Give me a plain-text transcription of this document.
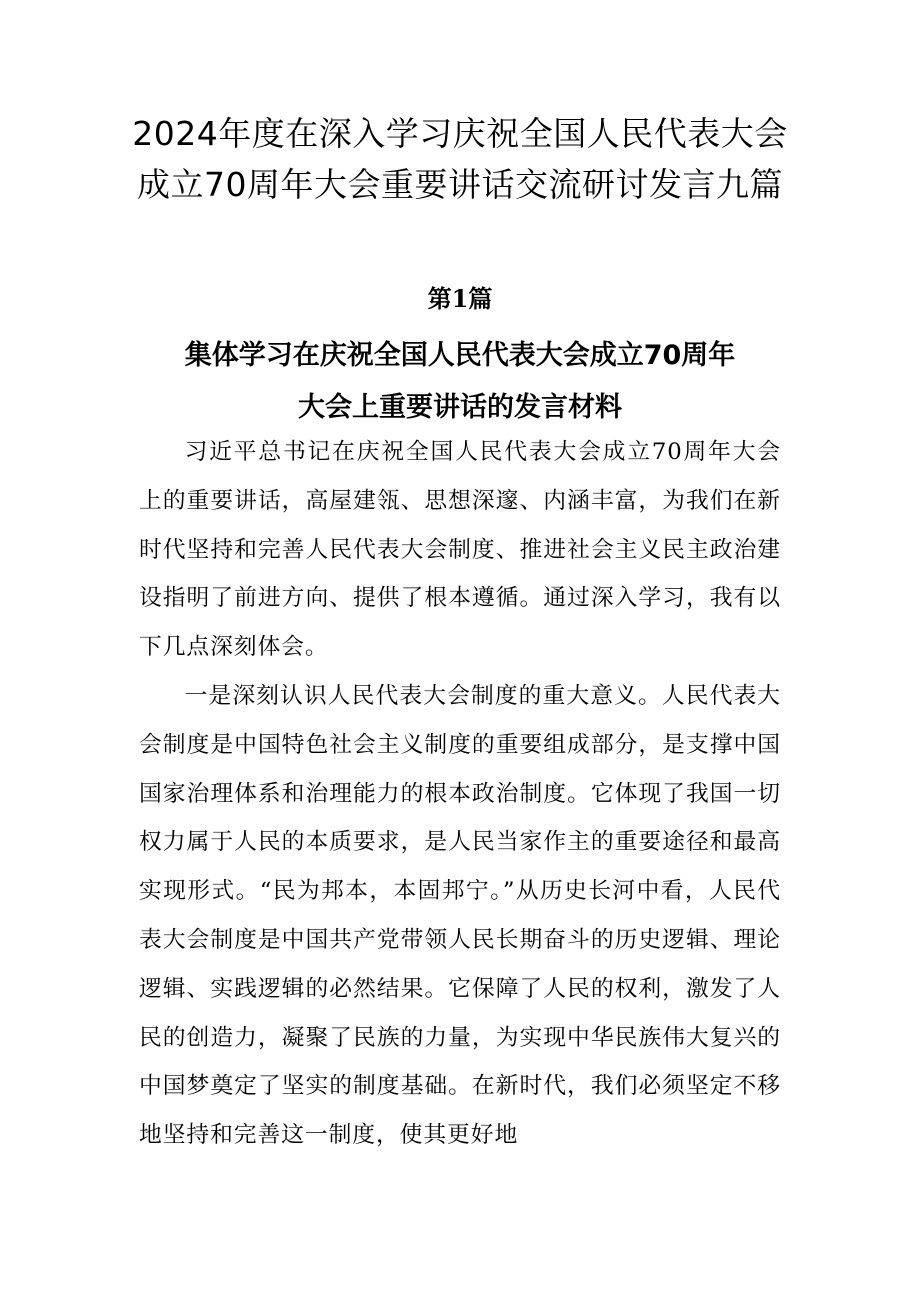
2024年度在深入学习庆祝全国人民代表大会成立70周年大会重要讲话交流研讨发言九篇
第1篇
集体学习在庆祝全国人民代表大会成立70周年
大会上重要讲话的发言材料

习近平总书记在庆祝全国人民代表大会成立70周年大会上的重要讲话，高屋建瓴、思想深邃、内涵丰富，为我们在新时代坚持和完善人民代表大会制度、推进社会主义民主政治建设指明了前进方向、提供了根本遵循。通过深入学习，我有以下几点深刻体会。

一是深刻认识人民代表大会制度的重大意义。人民代表大会制度是中国特色社会主义制度的重要组成部分，是支撑中国国家治理体系和治理能力的根本政治制度。它体现了我国一切权力属于人民的本质要求，是人民当家作主的重要途径和最高实现形式。“民为邦本，本固邦宁。”从历史长河中看，人民代表大会制度是中国共产党带领人民长期奋斗的历史逻辑、理论逻辑、实践逻辑的必然结果。它保障了人民的权利，激发了人民的创造力，凝聚了民族的力量，为实现中华民族伟大复兴的中国梦奠定了坚实的制度基础。在新时代，我们必须坚定不移地坚持和完善这一制度，使其更好地
